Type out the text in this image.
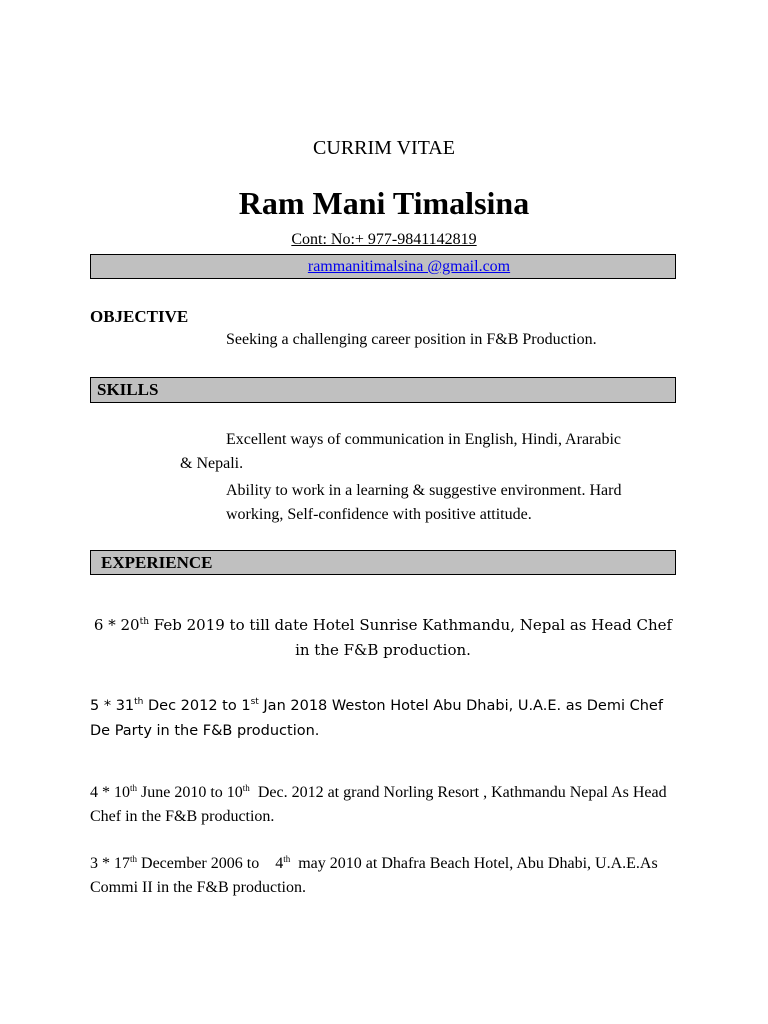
CURRIM VITAE
Ram Mani Timalsina
Cont: No:+ 977-9841142819
rammanitimalsina @gmail.com
OBJECTIVE
Seeking a challenging career position in F&B Production.
SKILLS
Excellent ways of communication in English, Hindi, Ararabic
& Nepali.
Ability to work in a learning & suggestive environment. Hard working, Self-confidence with positive attitude.
EXPERIENCE
6 * 20th Feb 2019 to till date Hotel Sunrise Kathmandu, Nepal as Head Chef in the F&B production.
5 * 31th Dec 2012 to 1st Jan 2018 Weston Hotel Abu Dhabi, U.A.E. as Demi Chef De Party in the F&B production.
4 * 10th June 2010 to 10th  Dec. 2012 at grand Norling Resort , Kathmandu Nepal As Head Chef in the F&B production.
3 * 17th December 2006 to    4th  may 2010 at Dhafra Beach Hotel, Abu Dhabi, U.A.E.As Commi II in the F&B production.
